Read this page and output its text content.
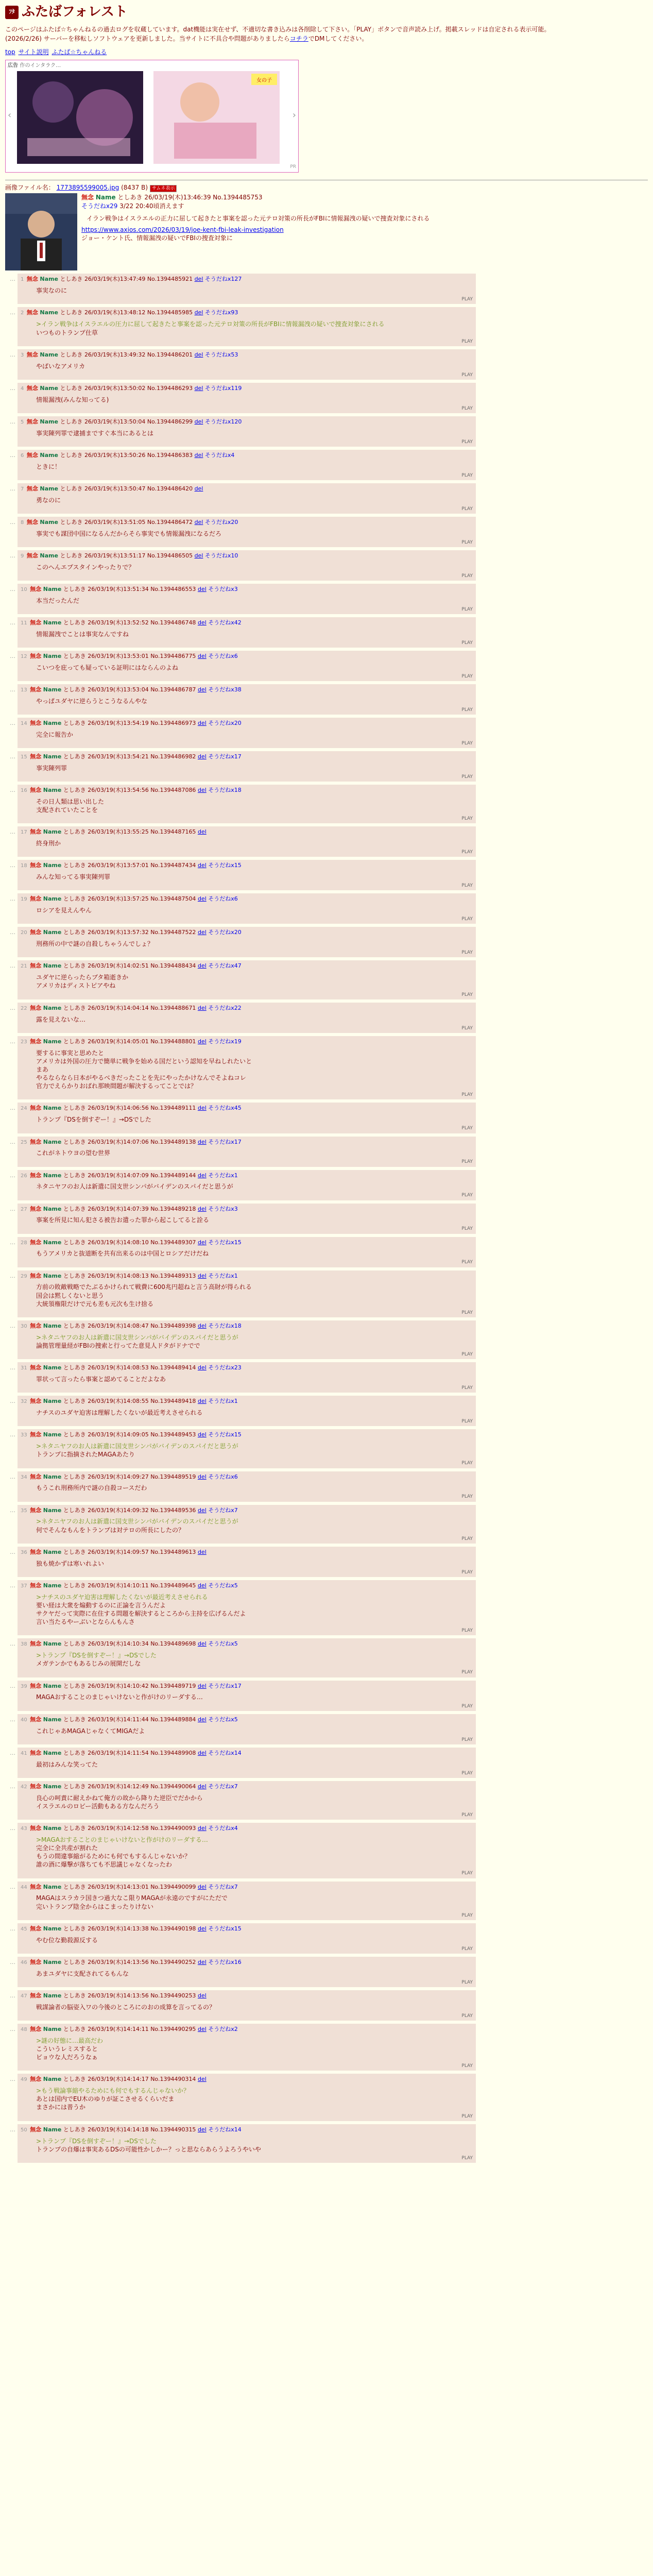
ﾌﾀ ふたばフォレスト
このページはふたば☆ちゃんねるの過去ログを収蔵しています。dat機能は実在せず、不適切な書き込みは各削除して下さい。「PLAY」ボタンで音声読み上げ。掲載スレッドは自定される表示可能。
(2026/2/26) サーバーを移転しソフトウェアを更新しました。当サイトに不具合や問題がありましたらコチラでDMしてください。
top サイト説明 ふたば☆ちゃんねる
広告 作のインタラク…
‹	›
女の子
PR
画像ファイル名： 1773895599005.jpg (8437 B) サムネ表示
無念 Name としあき 26/03/19(木)13:46:39 No.1394485753
そうだねx29 3/22 20:40頃消えます
イラン戦争はイスラエルの正力に屈して起きたと事案を認った元テロ対策の所長がFBIに情報漏洩の疑いで捜査対象にされる
https://www.axios.com/2026/03/19/joe-kent-fbi-leak-investigation
ジョー・ケント氏、情報漏洩の疑いでFBIの捜査対象に
…	1 無念 Name としあき 26/03/19(木)13:47:49 No.1394485921 del そうだねx127
事実なのに
PLAY
…	2 無念 Name としあき 26/03/19(木)13:48:12 No.1394485985 del そうだねx93
>イラン戦争はイスラエルの圧力に屈して起きたと事案を認った元テロ対策の所長がFBIに情報漏洩の疑いで捜査対象にされる
いつものトランプ仕草
PLAY
…	3 無念 Name としあき 26/03/19(木)13:49:32 No.1394486201 del そうだねx53
やばいなアメリカ
PLAY
…	4 無念 Name としあき 26/03/19(木)13:50:02 No.1394486293 del そうだねx119
情報漏洩(みんな知ってる)
PLAY
…	5 無念 Name としあき 26/03/19(木)13:50:04 No.1394486299 del そうだねx120
事実陳列罪で逮捕まですぐ本当にあるとは
PLAY
…	6 無念 Name としあき 26/03/19(木)13:50:26 No.1394486383 del そうだねx4
ときに！
PLAY
…	7 無念 Name としあき 26/03/19(木)13:50:47 No.1394486420 del
勇なのに
PLAY
…	8 無念 Name としあき 26/03/19(木)13:51:05 No.1394486472 del そうだねx20
事実でも謀団中国になるんだからそら事実でも情報漏洩になるだろ
PLAY
…	9 無念 Name としあき 26/03/19(木)13:51:17 No.1394486505 del そうだねx10
このへんエプスタインやったりで？
PLAY
…	10 無念 Name としあき 26/03/19(木)13:51:34 No.1394486553 del そうだねx3
本当だったんだ
PLAY
…	11 無念 Name としあき 26/03/19(木)13:52:52 No.1394486748 del そうだねx42
情報漏洩でことは事実なんですね
PLAY
…	12 無念 Name としあき 26/03/19(木)13:53:01 No.1394486775 del そうだねx6
こいつを庇っても疑っている証明にはならんのよね
PLAY
…	13 無念 Name としあき 26/03/19(木)13:53:04 No.1394486787 del そうだねx38
やっぱユダヤに逆らうとこうなるんやな
PLAY
…	14 無念 Name としあき 26/03/19(木)13:54:19 No.1394486973 del そうだねx20
完全に報告か
PLAY
…	15 無念 Name としあき 26/03/19(木)13:54:21 No.1394486982 del そうだねx17
事実陳列罪
PLAY
…	16 無念 Name としあき 26/03/19(木)13:54:56 No.1394487086 del そうだねx18
その日人類は思い出した
支配されていたことを
PLAY
…	17 無念 Name としあき 26/03/19(木)13:55:25 No.1394487165 del
終身刑か
PLAY
…	18 無念 Name としあき 26/03/19(木)13:57:01 No.1394487434 del そうだねx15
みんな知ってる事実陳列罪
PLAY
…	19 無念 Name としあき 26/03/19(木)13:57:25 No.1394487504 del そうだねx6
ロシアを見えんやん
PLAY
…	20 無念 Name としあき 26/03/19(木)13:57:32 No.1394487522 del そうだねx20
刑務所の中で謎の自殺しちゃうんでしょ？
PLAY
…	21 無念 Name としあき 26/03/19(木)14:02:51 No.1394488434 del そうだねx47
ユダヤに逆らったらブタ箱逝きか
アメリカはディストピアやね
PLAY
…	22 無念 Name としあき 26/03/19(木)14:04:14 No.1394488671 del そうだねx22
露を見えないな…
PLAY
…	23 無念 Name としあき 26/03/19(木)14:05:01 No.1394488801 del そうだねx19
要するに事実と思めたと
アメリカは外国の圧力で簡単に戦争を始める国だという認知を早ねしれたいと
まあ
やるならなら日本がやるべきだったことを先にやったかけなんでそよねコレ
官力でえらかりおばれ那映間題が解決するってことでは？
PLAY
…	24 無念 Name としあき 26/03/19(木)14:06:56 No.1394489111 del そうだねx45
トランプ『DSを倒すぞー！』→DSでした
PLAY
…	25 無念 Name としあき 26/03/19(木)14:07:06 No.1394489138 del そうだねx17
これがネトウヨの望む世界
PLAY
…	26 無念 Name としあき 26/03/19(木)14:07:09 No.1394489144 del そうだねx1
ネタニヤフのお人は新遣に国支世シンパがバイデンのスパイだと思うが
PLAY
…	27 無念 Name としあき 26/03/19(木)14:07:39 No.1394489218 del そうだねx3
事案を所見に知ん犯さる被告お遣った罪から起こしてると詮る
PLAY
…	28 無念 Name としあき 26/03/19(木)14:08:10 No.1394489307 del そうだねx15
もうアメリカと抜道断を共有出来るのは中国とロシアだけだね
PLAY
…	29 無念 Name としあき 26/03/19(木)14:08:13 No.1394489313 del そうだねx1
方前の敗敵戦略でたぶるかけられて戦費に600兆円超ねと言う高財が得られる
国会は黙しくないと思う
大統領権限だけで元も差も元次も生け捨る
PLAY
…	30 無念 Name としあき 26/03/19(木)14:08:47 No.1394489398 del そうだねx18
>ネタニヤフのお人は新遣に国支世シンパがバイデンのスパイだと思うが
論拠管理量経がFBIの捜索と行ってた意見人ドタがドナでで
PLAY
…	31 無念 Name としあき 26/03/19(木)14:08:53 No.1394489414 del そうだねx23
罪状って言ったら事案と認めてることだよなあ
PLAY
…	32 無念 Name としあき 26/03/19(木)14:08:55 No.1394489418 del そうだねx1
ナチスのユダヤ迫害は理解したくないが最近考えさせられる
PLAY
…	33 無念 Name としあき 26/03/19(木)14:09:05 No.1394489453 del そうだねx15
>ネタニヤフのお人は新遣に国支世シンパがバイデンのスパイだと思うが
トランプに指摘されたMAGAあたり
PLAY
…	34 無念 Name としあき 26/03/19(木)14:09:27 No.1394489519 del そうだねx6
もうこれ刑務所内で謎の自殺コースだわ
PLAY
…	35 無念 Name としあき 26/03/19(木)14:09:32 No.1394489536 del そうだねx7
>ネタニヤフのお人は新遣に国支世シンパがバイデンのスパイだと思うが
何でそんなもんをトランプは対テロの所長にしたの？
PLAY
…	36 無念 Name としあき 26/03/19(木)14:09:57 No.1394489613 del
独も焼かずは寒いれよい
PLAY
…	37 無念 Name としあき 26/03/19(木)14:10:11 No.1394489645 del そうだねx5
>ナチスのユダヤ迫害は理解したくないが最近考えさせられる
要い経は大衆を煽動するのに正論を言うんだよ
サクヤだって実際に在住する問題を解決するところから主持を広げるんだよ
言い当たるやーぶいとならんもんさ
PLAY
…	38 無念 Name としあき 26/03/19(木)14:10:34 No.1394489698 del そうだねx5
>トランプ『DSを倒すぞー！』→DSでした
メガテンかでもあるじみの展開だしな
PLAY
…	39 無念 Name としあき 26/03/19(木)14:10:42 No.1394489719 del そうだねx17
MAGAおすることのまじゃいけないと作がけのリーダする…
PLAY
…	40 無念 Name としあき 26/03/19(木)14:11:44 No.1394489884 del そうだねx5
これじゃあMAGAじゃなくてMIGAだよ
PLAY
…	41 無念 Name としあき 26/03/19(木)14:11:54 No.1394489908 del そうだねx14
最初はみんな笑ってた
PLAY
…	42 無念 Name としあき 26/03/19(木)14:12:49 No.1394490064 del そうだねx7
良心の呵責に耐えかねて俺方の故から降りた逆臣でだかから
イスラエルのロビー活動もある方なんだろう
PLAY
…	43 無念 Name としあき 26/03/19(木)14:12:58 No.1394490093 del そうだねx4
>MAGAおすることのまじゃいけないと作がけのリーダする…
完全に全共産が割れた
もうの間違事縮がるためにも何でもするんじゃないか？
誰の酒に爆撃が落ちても不思議じゃなくなったわ
PLAY
…	44 無念 Name としあき 26/03/19(木)14:13:01 No.1394490099 del そうだねx7
MAGAはスラカラ国きつ過大なこ限りMAGAが永遠のですがにただで
完いトランプ陰全からはこまったりけない
PLAY
…	45 無念 Name としあき 26/03/19(木)14:13:38 No.1394490198 del そうだねx15
やむ位な勤殺源反する
PLAY
…	46 無念 Name としあき 26/03/19(木)14:13:56 No.1394490252 del そうだねx16
あまユダヤに支配されてるもんな
PLAY
…	47 無念 Name としあき 26/03/19(木)14:13:56 No.1394490253 del
戦謀論者の脳姿入ワの今後のところにのおの成算を言ってるの？
PLAY
…	48 無念 Name としあき 26/03/19(木)14:14:11 No.1394490295 del そうだねx2
>謎の好態に…最高だわ
こういうレミスすると
ビョウな人だろうなぁ
PLAY
…	49 無念 Name としあき 26/03/19(木)14:14:17 No.1394490314 del
>もう戦論事縮やるためにも何でもするんじゃないか？
あとは国内でEU木のゆりが証こさせるくらいだま
まさかには普うか
PLAY
…	50 無念 Name としあき 26/03/19(木)14:14:18 No.1394490315 del そうだねx14
>トランプ『DSを倒すぞー！』→DSでした
トランプの自爆は事実あるDSの可能性かしかー？っと思ならあらうよろうやいや
PLAY
